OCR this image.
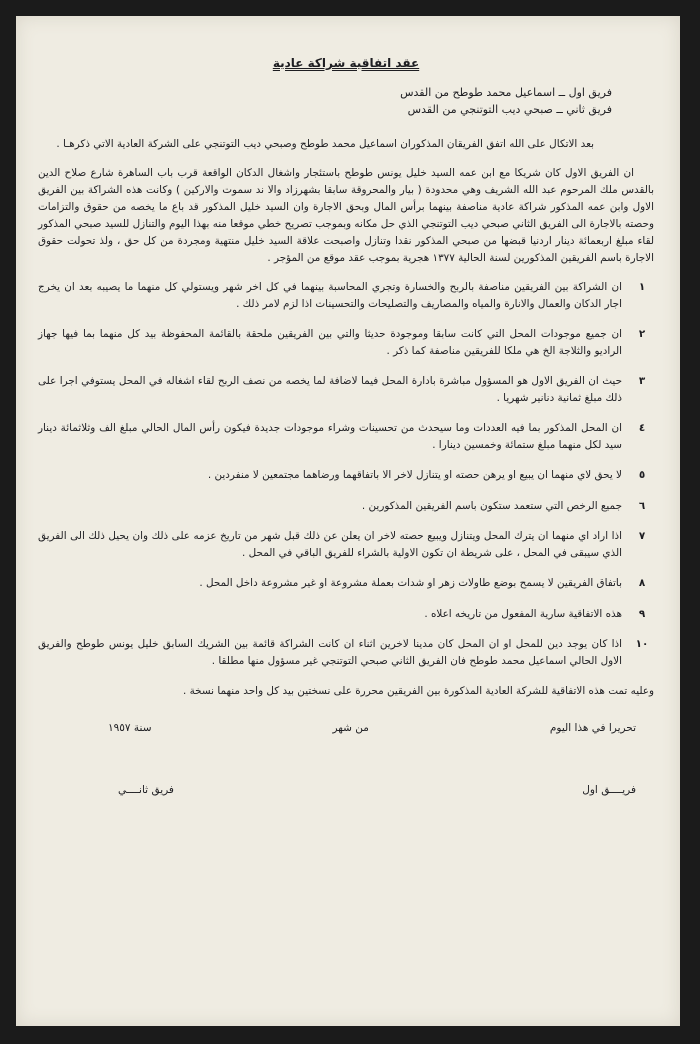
عقد اتفاقية شراكة عادية
فريق اول ــ اسماعيل محمد طوطح من القدس
فريق ثاني ــ صبحي ديب التوتنجي من القدس

بعد الاتكال على الله اتفق الفريقان المذكوران اسماعيل محمد طوطح وصبحي ديب التوتنجي على الشركة العادية الاتي ذكرهـا .

ان الفريق الاول كان شريكا مع ابن عمه السيد خليل يونس طوطح باستئجار واشغال الدكان الواقعة قرب باب الساهرة شارع صلاح الدين بالقدس ملك المرحوم عبد الله الشريف وهي محدودة ( بيار والمحروقة سابقا بشهرزاد والا ند سموت والاركين ) وكانت هذه الشراكة بين الفريق الاول وابن عمه المذكور شراكة عادية مناصفة بينهما برأس المال وبحق الاجارة وان السيد خليل المذكور قد باع ما يخصه من حقوق والتزامات وحصته بالاجارة الى الفريق الثاني صبحي ديب التوتنجي الذي حل مكانه وبموجب تصريح خطي موقعا منه بهذا اليوم والتنازل للسيد صبحي المذكور لقاء مبلغ اربعمائة دينار اردنيا قبضها من صبحي المذكور نقدا وتنازل واصبحت علاقة السيد خليل منتهية ومجردة من كل حق ، ولذ تحولت حقوق الاجارة باسم الفريقين المذكورين لسنة الحالية ١٣٧٧ هجرية بموجب عقد موقع من المؤجر .

١
ان الشراكة بين الفريقين مناصفة بالربح والخسارة وتجري المحاسبة بينهما في كل اخر شهر ويستولي كل منهما ما يصيبه بعد ان يخرج اجار الدكان والعمال والانارة والمياه والمصاريف والتصليحات والتحسينات اذا لزم لامر ذلك .
٢
ان جميع موجودات المحل التي كانت سابقا وموجودة حديثا والتي بين الفريقين ملحقة بالقائمة المحفوظة بيد كل منهما بما فيها جهاز الراديو والثلاجة الخ هي ملكا للفريقين مناصفة كما ذكر .
٣
حيث ان الفريق الاول هو المسؤول مباشرة بادارة المحل فيما لاضافة لما يخصه من نصف الربح لقاء اشغاله في المحل يستوفي اجرا على ذلك مبلغ ثمانية دنانير شهريا .
٤
ان المحل المذكور بما فيه العددات وما سيحدث من تحسينات وشراء موجودات جديدة فيكون رأس المال الحالي مبلغ الف وثلاثمائة دينار سيد لكل منهما مبلغ ستمائة وخمسين دينارا .
٥
لا يحق لاي منهما ان يبيع او يرهن حصته او يتنازل لاخر الا باتفاقهما ورضاهما مجتمعين لا منفردين .
٦
جميع الرخص التي ستعمد ستكون باسم الفريقين المذكورين .
٧
اذا اراد اي منهما ان يترك المحل ويتنازل ويبيع حصته لاخر ان يعلن عن ذلك قبل شهر من تاريخ عزمه على ذلك وان يحيل ذلك الى الفريق الذي سيبقى في المحل ، على شريطة ان تكون الاولية بالشراء للفريق الباقي في المحل .
٨
باتفاق الفريقين لا يسمح بوضع طاولات زهر او شدات بعملة مشروعة او غير مشروعة داخل المحل .
٩
هذه الاتفاقية سارية المفعول من تاريخه اعلاه .
١٠
اذا كان يوجد دين للمحل او ان المحل كان مدينا لاخرين اثناء ان كانت الشراكة قائمة بين الشريك السابق خليل يونس طوطح والفريق الاول الحالي اسماعيل محمد طوطح فان الفريق الثاني صبحي التوتنجي غير مسؤول منها مطلقا .

وعليه تمت هذه الاتفاقية للشركة العادية المذكورة بين الفريقين محررة على نسختين بيد كل واحد منهما نسخة .

تحريرا في هذا اليوم
من شهر
سنة ١٩٥٧
فريــــق اول
فريق ثانــــي
